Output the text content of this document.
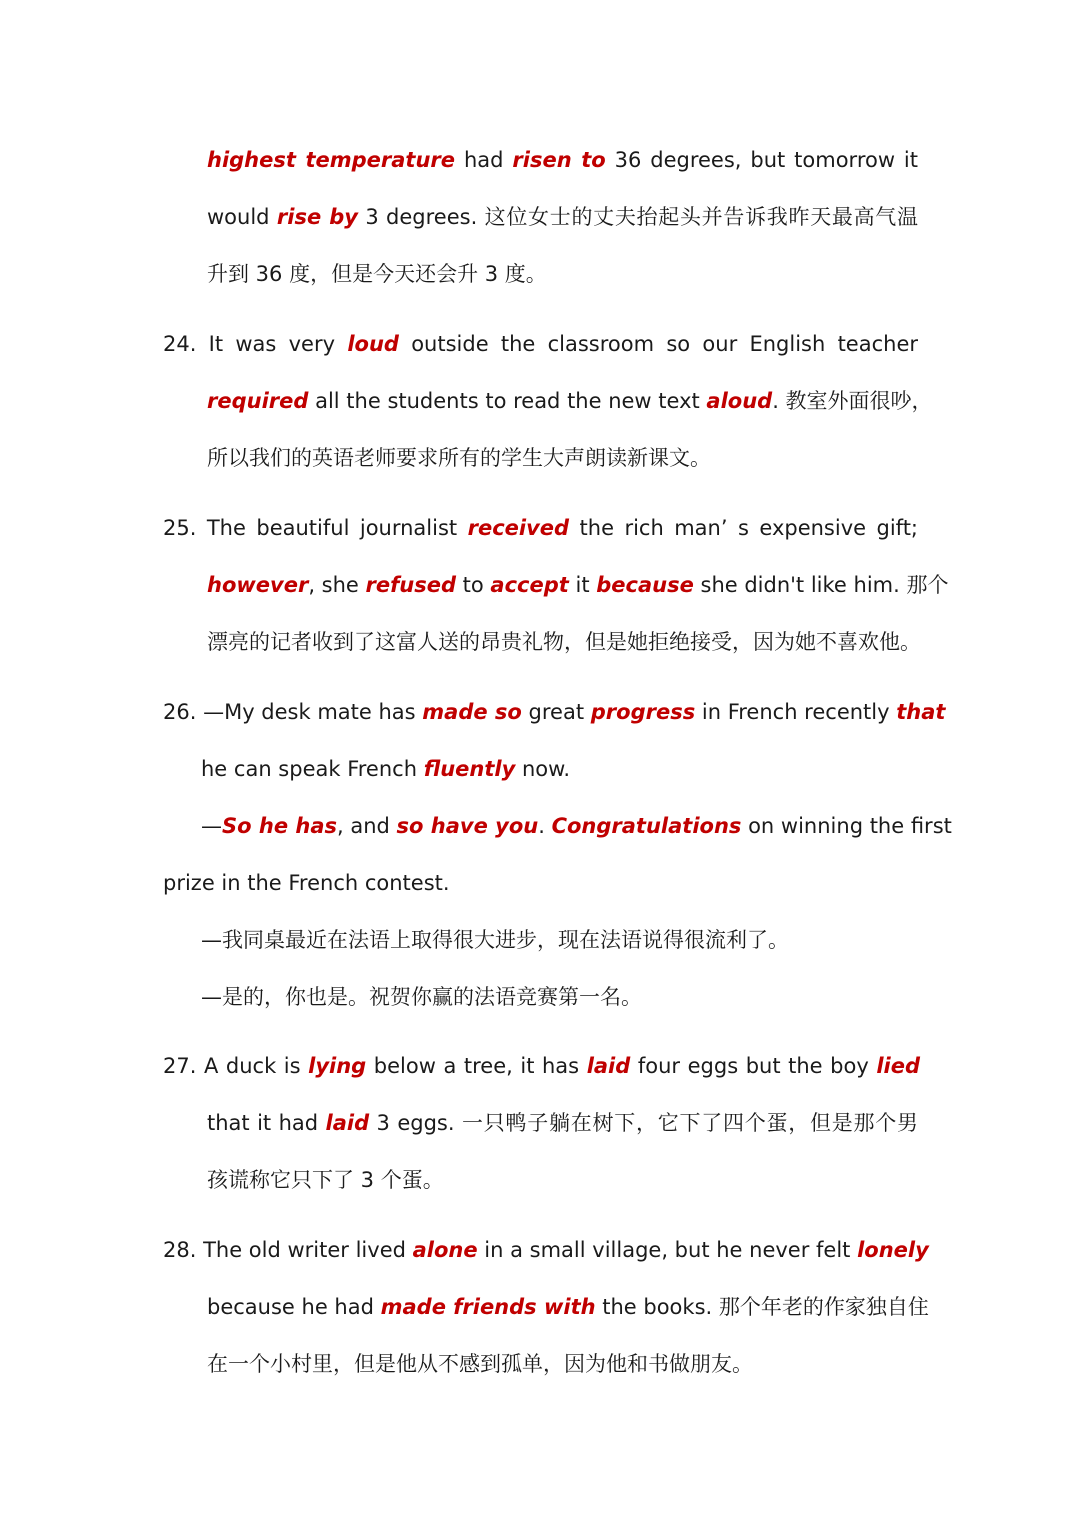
highest temperature had risen to 36 degrees, but tomorrow it
would rise by 3 degrees. 这位女士的丈夫抬起头并告诉我昨天最高气温
升到 36 度，但是今天还会升 3 度。
24. It was very loud outside the classroom so our English teacher
required all the students to read the new text aloud. 教室外面很吵，
所以我们的英语老师要求所有的学生大声朗读新课文。
25. The beautiful journalist received the rich man’ s expensive gift;
however, she refused to accept it because she didn't like him. 那个
漂亮的记者收到了这富人送的昂贵礼物，但是她拒绝接受，因为她不喜欢他。
26. —My desk mate has made so great progress in French recently that
he can speak French fluently now.
—So he has, and so have you. Congratulations on winning the first
prize in the French contest.
—我同桌最近在法语上取得很大进步，现在法语说得很流利了。
—是的，你也是。祝贺你赢的法语竞赛第一名。
27. A duck is lying below a tree, it has laid four eggs but the boy lied
that it had laid 3 eggs. 一只鸭子躺在树下，它下了四个蛋，但是那个男
孩谎称它只下了 3 个蛋。
28. The old writer lived alone in a small village, but he never felt lonely
because he had made friends with the books. 那个年老的作家独自住
在一个小村里，但是他从不感到孤单，因为他和书做朋友。
